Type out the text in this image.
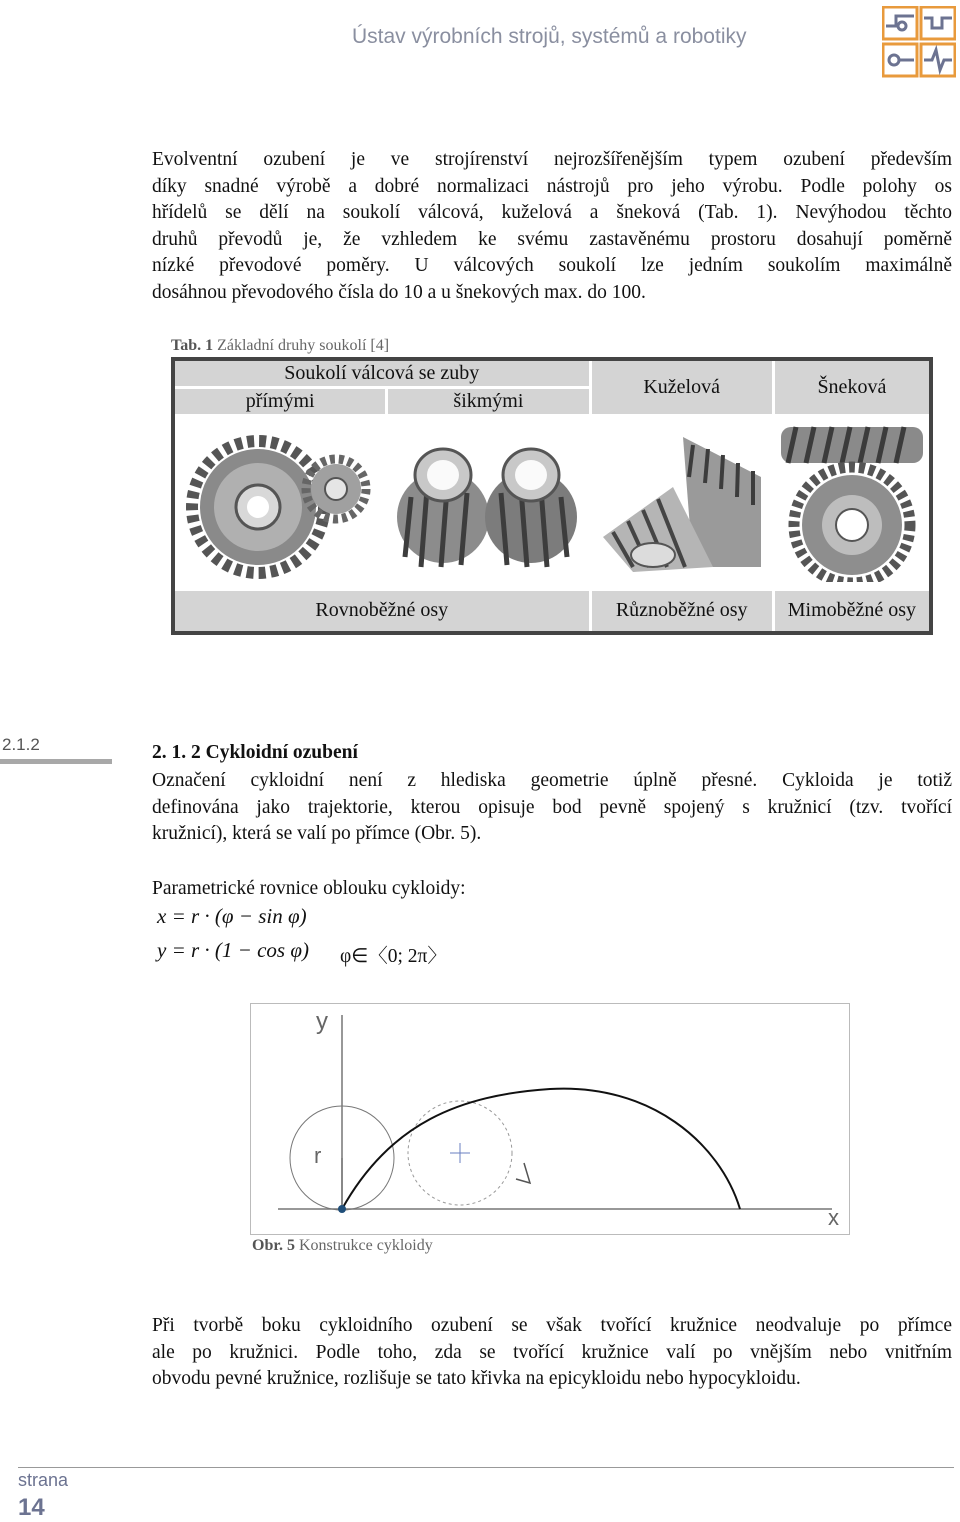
Ústav výrobních strojů, systémů a robotiky
Evolventní ozubení je ve strojírenství nejrozšířenějším typem ozubení především
díky snadné výrobě a dobré normalizaci nástrojů pro jeho výrobu. Podle polohy os
hřídelů se dělí na soukolí válcová, kuželová a šneková (Tab. 1). Nevýhodou těchto
druhů převodů je, že vzhledem ke svému zastavěnému prostoru dosahují poměrně
nízké převodové poměry. U válcových soukolí lze jedním soukolím maximálně
dosáhnou převodového čísla do 10 a u šnekových max. do 100.
Tab. 1 Základní druhy soukolí [4]
Soukolí válcová se zuby		Kuželová	Šneková
přímými	šikmými		

Rovnoběžné osy		Různoběžné osy	Mimoběžné osy
2.1.2	2. 1. 2 Cykloidní ozubení
Označení cykloidní není z hlediska geometrie úplně přesné. Cykloida je totiž
definována jako trajektorie, kterou opisuje bod pevně spojený s kružnicí (tzv. tvořící
kružnicí), která se valí po přímce (Obr. 5).
Parametrické rovnice oblouku cykloidy:
x = r · (φ − sin φ)
y = r · (1 − cos φ) φ∈〈0; 2π〉
y
x
r
Obr. 5 Konstrukce cykloidy
Při tvorbě boku cykloidního ozubení se však tvořící kružnice neodvaluje po přímce
ale po kružnici. Podle toho, zda se tvořící kružnice valí po vnějším nebo vnitřním
obvodu pevné kružnice, rozlišuje se tato křivka na epicykloidu nebo hypocykloidu.
strana
14
